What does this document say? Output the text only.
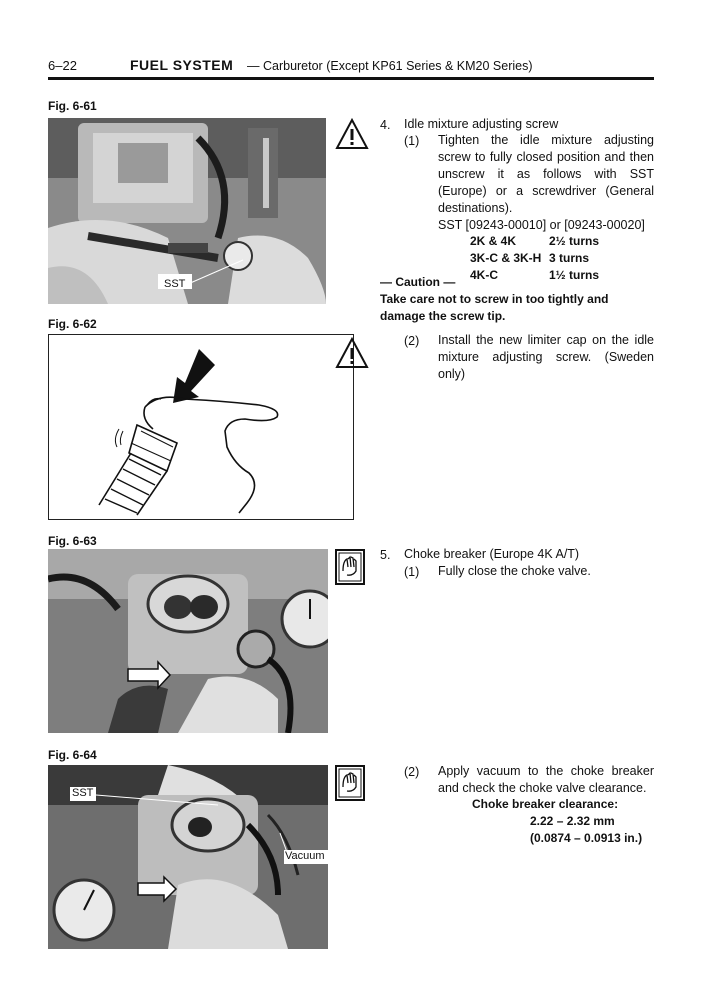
6–22	FUEL SYSTEM — Carburetor (Except KP61 Series & KM20 Series)
Fig. 6-61
SST
Fig. 6-62
Fig. 6-63
Fig. 6-64
SST
Vacuum
4. Idle mixture adjusting screw
(1) Tighten the idle mixture adjusting screw to fully closed position and then unscrew it as follows with SST (Europe) or a screwdriver (General destinations).
SST [09243-00010] or [09243-00020]
2K & 4K	2½ turns
3K-C & 3K-H 3 turns
4K-C	1½ turns
— Caution —
Take care not to screw in too tightly and damage the screw tip.
(2) Install the new limiter cap on the idle mixture adjusting screw. (Sweden only)
5. Choke breaker (Europe 4K A/T)
(1) Fully close the choke valve.
(2) Apply vacuum to the choke breaker and check the choke valve clearance.
Choke breaker clearance:
2.22 – 2.32 mm
(0.0874 – 0.0913 in.)
